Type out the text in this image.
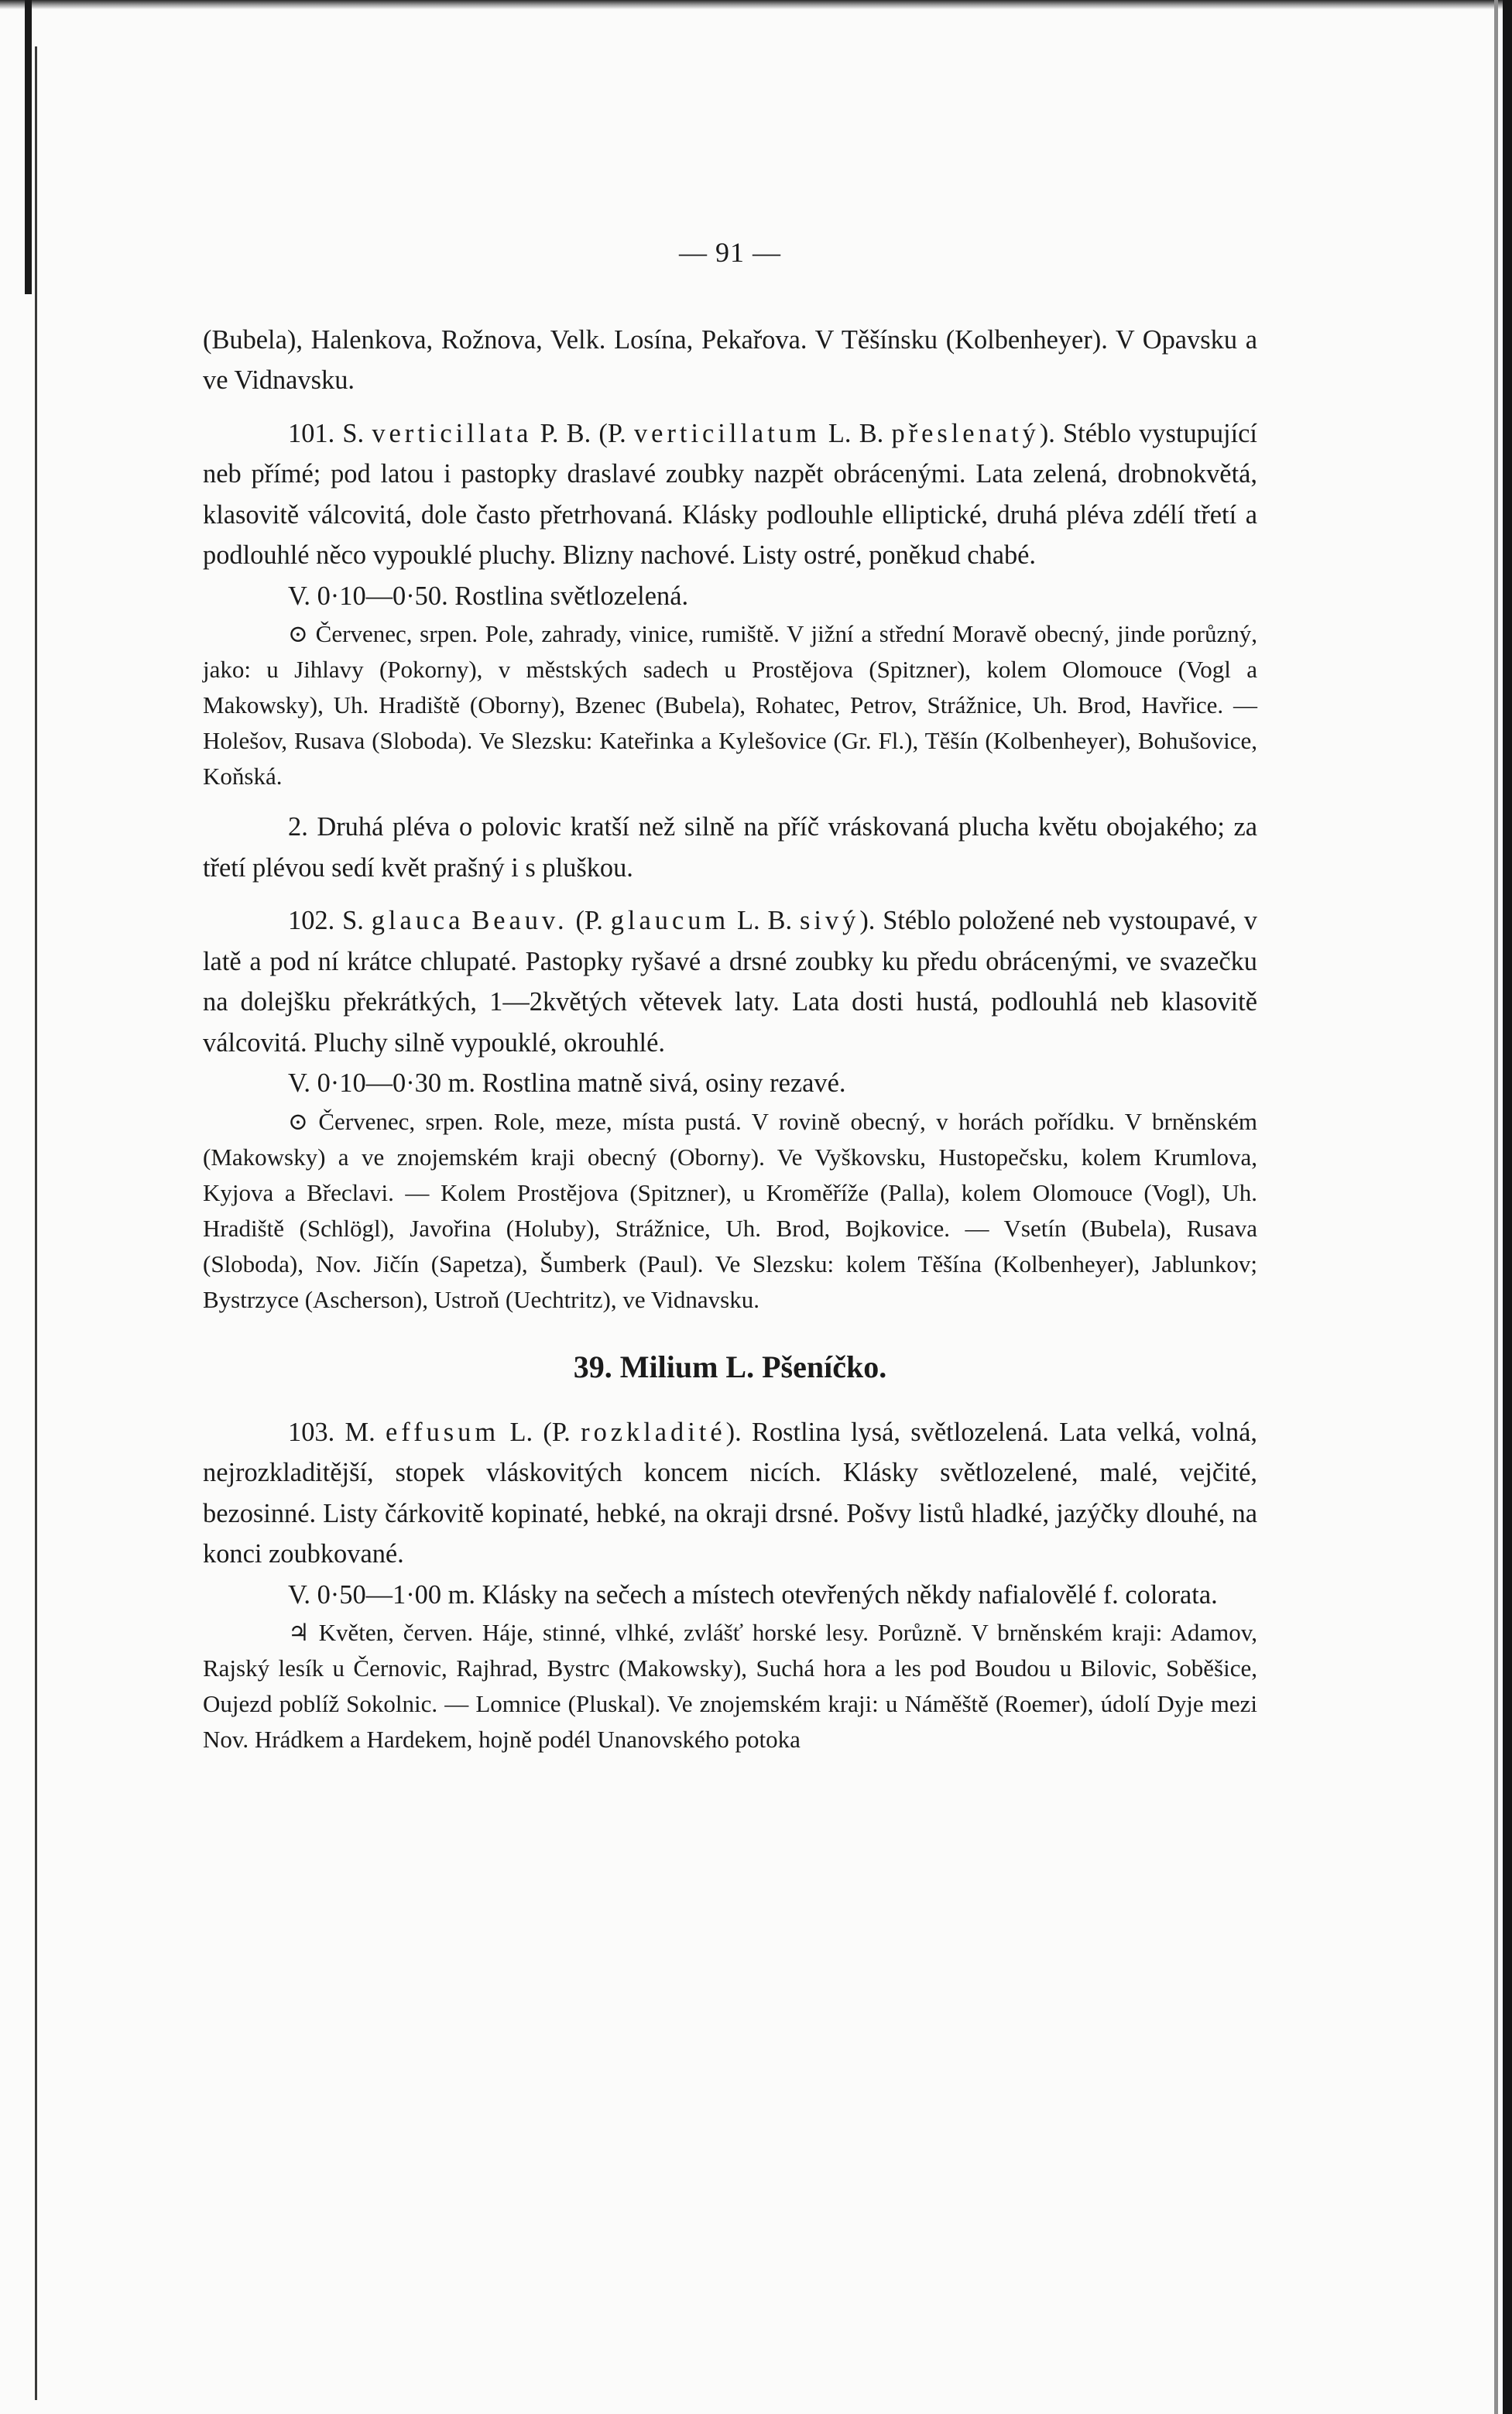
— 91 —

(Bubela), Halenkova, Rožnova, Velk. Losína, Pekařova. V Těšínsku (Kolbenheyer). V Opavsku a ve Vidnavsku.

101. S. verticillata P. B. (P. verticillatum L. B. přeslenatý). Stéblo vystupující neb přímé; pod latou i pastopky draslavé zoubky nazpět obrácenými. Lata zelená, drobnokvětá, klasovitě válcovitá, dole často přetrhovaná. Klásky podlouhle elliptické, druhá pléva zdélí třetí a podlouhlé něco vypouklé pluchy. Blizny nachové. Listy ostré, poněkud chabé.

V. 0·10—0·50. Rostlina světlozelená.

⊙ Červenec, srpen. Pole, zahrady, vinice, rumiště. V jižní a střední Moravě obecný, jinde porůzný, jako: u Jihlavy (Pokorny), v městských sadech u Prostějova (Spitzner), kolem Olomouce (Vogl a Makowsky), Uh. Hradiště (Oborny), Bzenec (Bubela), Rohatec, Petrov, Strážnice, Uh. Brod, Havřice. — Holešov, Rusava (Sloboda). Ve Slezsku: Kateřinka a Kylešovice (Gr. Fl.), Těšín (Kolbenheyer), Bohušovice, Koňská.

2. Druhá pléva o polovic kratší než silně na příč vráskovaná plucha květu obojakého; za třetí plévou sedí květ prašný i s pluškou.

102. S. glauca Beauv. (P. glaucum L. B. sivý). Stéblo položené neb vystoupavé, v latě a pod ní krátce chlupaté. Pastopky ryšavé a drsné zoubky ku předu obrácenými, ve svazečku na dolejšku překrátkých, 1—2květých větevek laty. Lata dosti hustá, podlouhlá neb klasovitě válcovitá. Pluchy silně vypouklé, okrouhlé.

V. 0·10—0·30 m. Rostlina matně sivá, osiny rezavé.

⊙ Červenec, srpen. Role, meze, místa pustá. V rovině obecný, v horách pořídku. V brněnském (Makowsky) a ve znojemském kraji obecný (Oborny). Ve Vyškovsku, Hustopečsku, kolem Krumlova, Kyjova a Břeclavi. — Kolem Prostějova (Spitzner), u Kroměříže (Palla), kolem Olomouce (Vogl), Uh. Hradiště (Schlögl), Javořina (Holuby), Strážnice, Uh. Brod, Bojkovice. — Vsetín (Bubela), Rusava (Sloboda), Nov. Jičín (Sapetza), Šumberk (Paul). Ve Slezsku: kolem Těšína (Kolbenheyer), Jablunkov; Bystrzyce (Ascherson), Ustroň (Uechtritz), ve Vidnavsku.

39. Milium L. Pšeníčko.

103. M. effusum L. (P. rozkladité). Rostlina lysá, světlozelená. Lata velká, volná, nejrozkladitější, stopek vláskovitých koncem nicích. Klásky světlozelené, malé, vejčité, bezosinné. Listy čárkovitě kopinaté, hebké, na okraji drsné. Pošvy listů hladké, jazýčky dlouhé, na konci zoubkované.

V. 0·50—1·00 m. Klásky na sečech a místech otevřených někdy nafialovělé f. colorata.

♃ Květen, červen. Háje, stinné, vlhké, zvlášť horské lesy. Porůzně. V brněnském kraji: Adamov, Rajský lesík u Černovic, Rajhrad, Bystrc (Makowsky), Suchá hora a les pod Boudou u Bilovic, Soběšice, Oujezd poblíž Sokolnic. — Lomnice (Pluskal). Ve znojemském kraji: u Náměště (Roemer), údolí Dyje mezi Nov. Hrádkem a Hardekem, hojně podél Unanovského potoka
